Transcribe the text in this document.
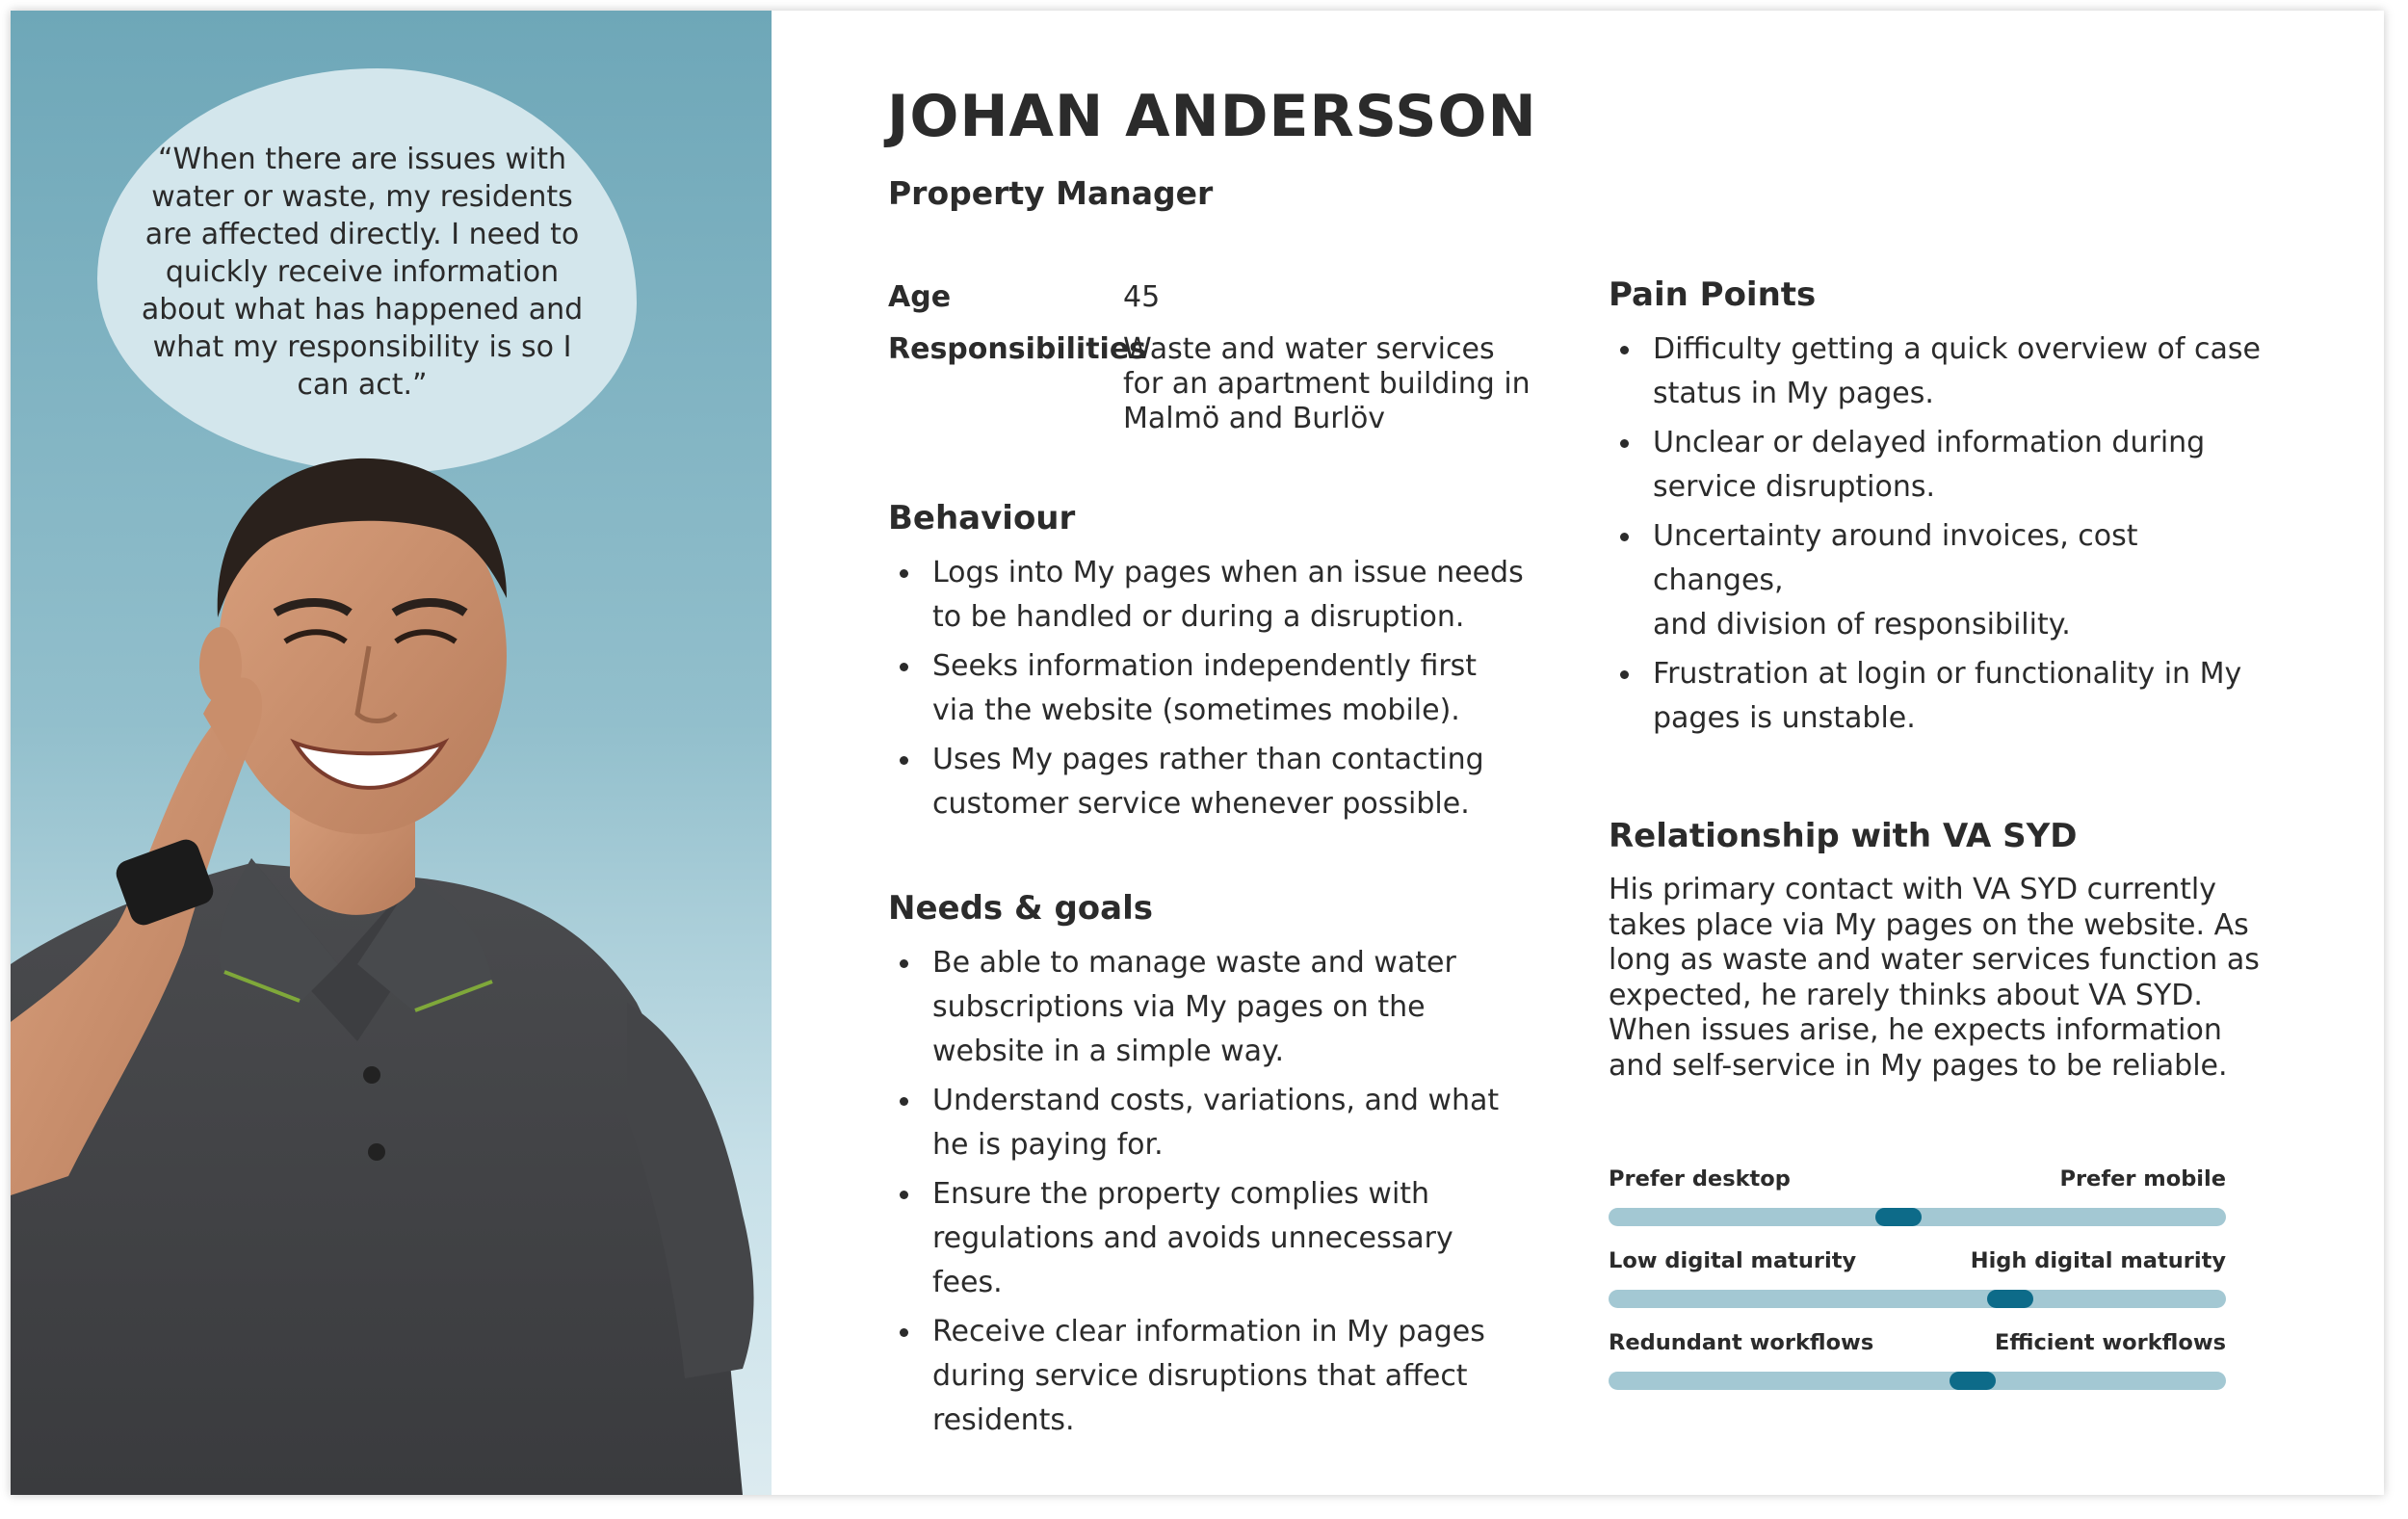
“When there are issues with water or waste, my residents are affected directly. I need to quickly receive information about what has happened and what my responsibility is so I can act.”

JOHAN ANDERSSON
Property Manager
Age	45
Responsibilities
Waste and water services for an apartment building in Malmö and Burlöv
Behaviour
Logs into My pages when an issue needs to be handled or during a disruption.
Seeks information independently first via the website (sometimes mobile).
Uses My pages rather than contacting customer service whenever possible.
Needs & goals
Be able to manage waste and water subscriptions via My pages on the website in a simple way.
Understand costs, variations, and what he is paying for.
Ensure the property complies with regulations and avoids unnecessary fees.
Receive clear information in My pages during service disruptions that affect residents.
Pain Points
Difficulty getting a quick overview of case status in My pages.
Unclear or delayed information during service disruptions.
Uncertainty around invoices, cost changes,
and division of responsibility.
Frustration at login or functionality in My pages is unstable.
Relationship with VA SYD

His primary contact with VA SYD currently takes place via My pages on the website. As long as waste and water services function as expected, he rarely thinks about VA SYD. When issues arise, he expects information and self-service in My pages to be reliable.

Prefer desktop	Prefer mobile
Low digital maturity	High digital maturity
Redundant workflows	Efficient workflows
